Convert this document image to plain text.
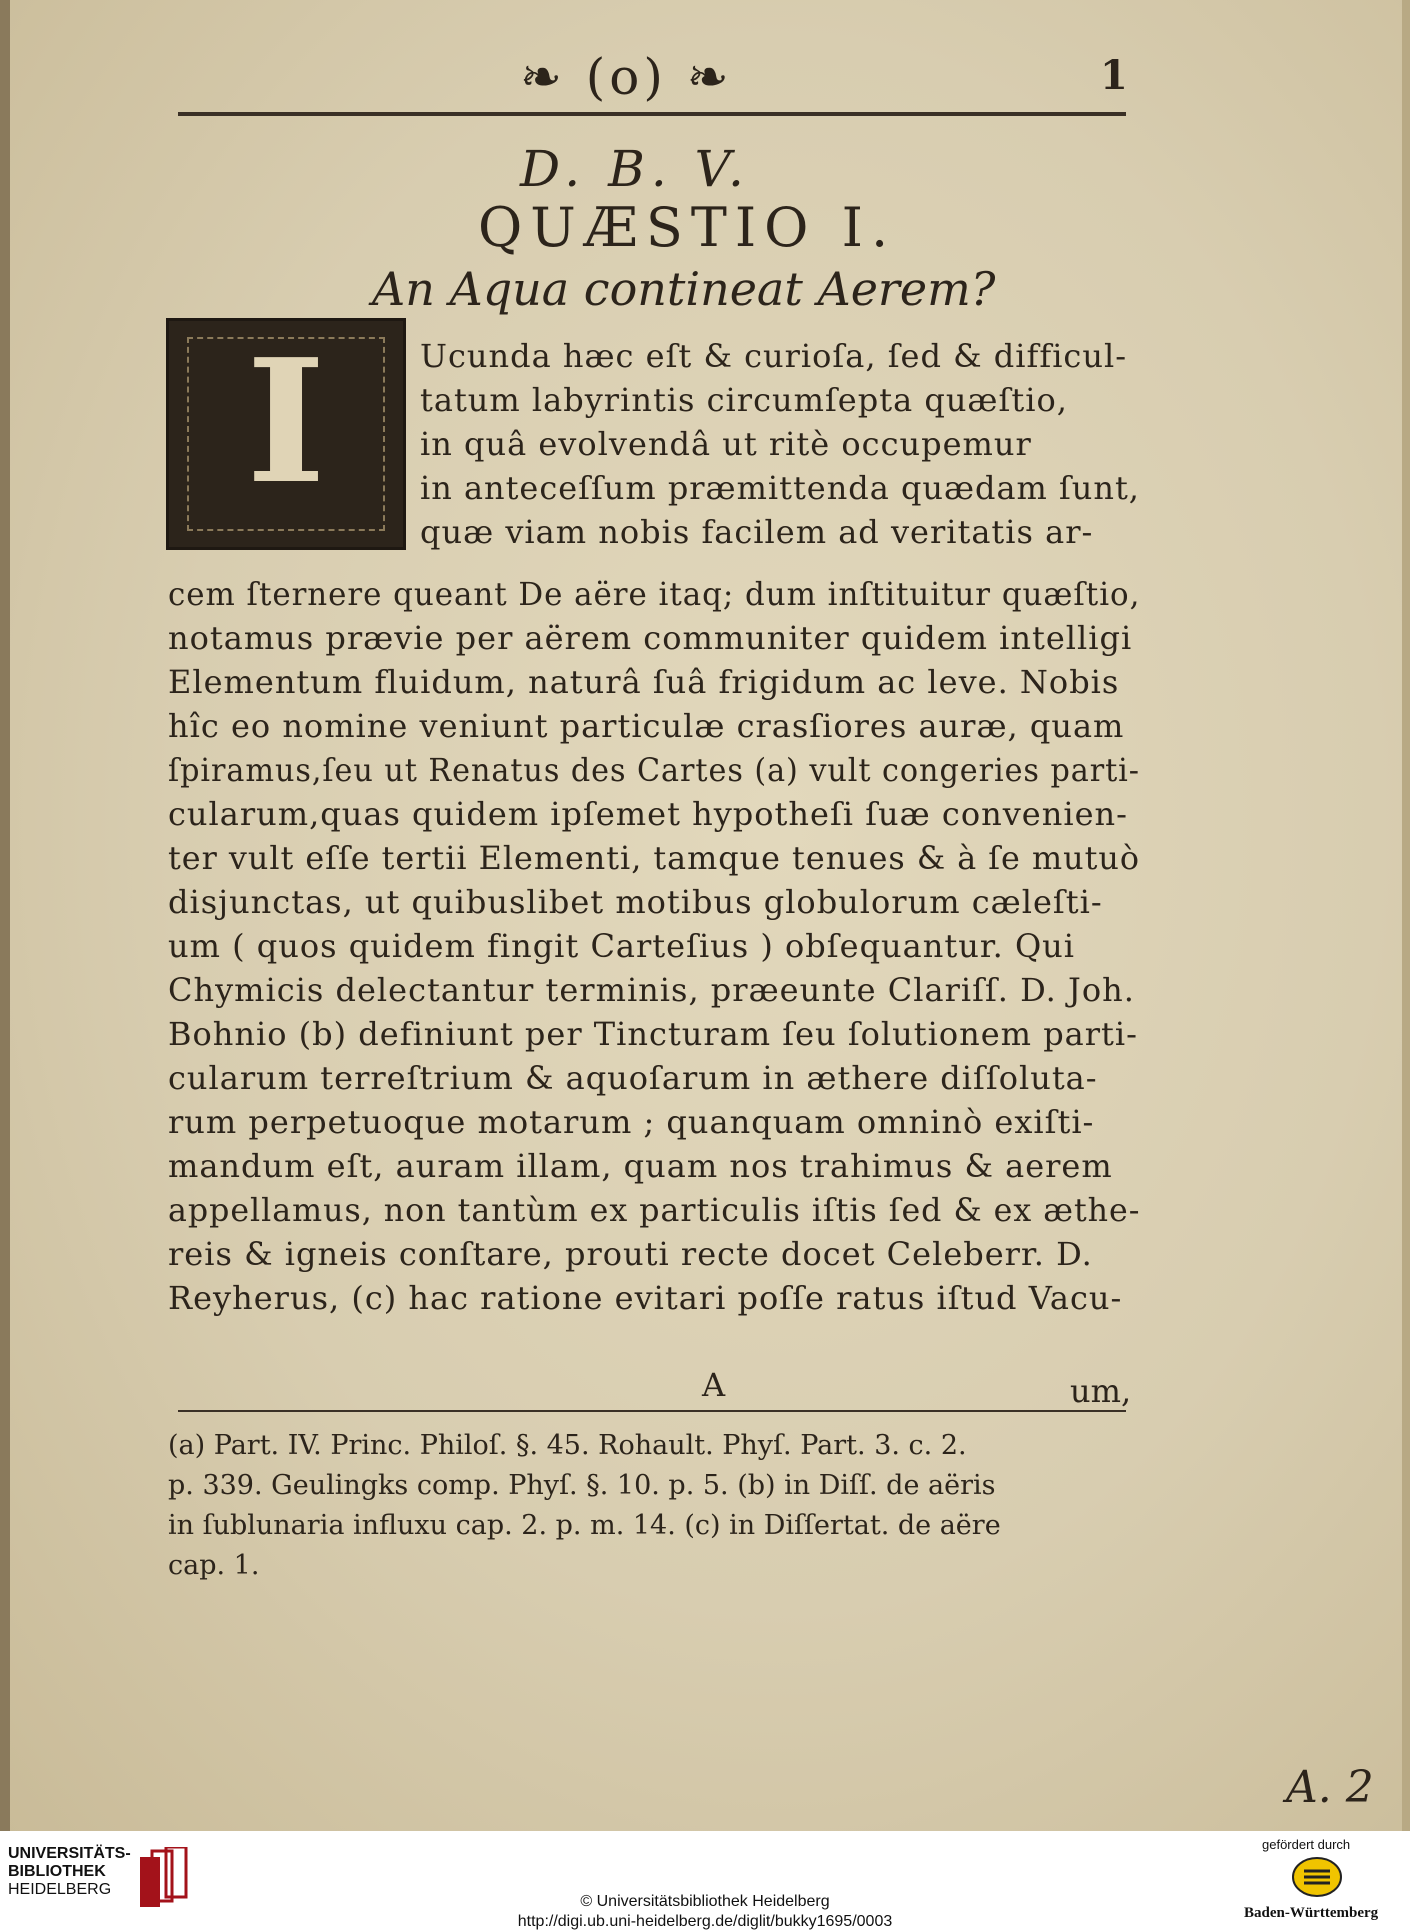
❧ (o) ❧	1
D. B. V.
QUÆSTIO I.
An Aqua contineat Aerem?
I	Ucunda hæc eſt & curioſa, ſed & difficul-
tatum labyrintis circumſepta quæſtio,
in quâ evolvendâ ut ritè occupemur
in anteceſſum præmittenda quædam ſunt,
quæ viam nobis facilem ad veritatis ar-
cem ſternere queant De aëre itaq; dum inſtituitur quæſtio,
notamus prævie per aërem communiter quidem intelligi
Elementum fluidum, naturâ ſuâ frigidum ac leve. Nobis
hîc eo nomine veniunt particulæ crasſiores auræ, quam
ſpiramus,ſeu ut Renatus des Cartes (a) vult congeries parti-
cularum,quas quidem ipſemet hypotheſi ſuæ convenien-
ter vult eſſe tertii Elementi, tamque tenues & à ſe mutuò
disjunctas, ut quibuslibet motibus globulorum cæleſti-
um ( quos quidem fingit Carteſius ) obſequantur. Qui
Chymicis delectantur terminis, præeunte Clariſſ. D. Joh.
Bohnio (b) definiunt per Tincturam ſeu ſolutionem parti-
cularum terreſtrium & aquoſarum in æthere diſſoluta-
rum perpetuoque motarum ; quanquam omninò exiſti-
mandum eſt, auram illam, quam nos trahimus & aerem
appellamus, non tantùm ex particulis iſtis ſed & ex æthe-
reis & igneis conſtare, prouti recte docet Celeberr. D.
Reyherus, (c) hac ratione evitari poſſe ratus iſtud Vacu-
A	um,
(a) Part. IV. Princ. Philoſ. §. 45. Rohault. Phyſ. Part. 3. c. 2.
p. 339. Geulingks comp. Phyſ. §. 10. p. 5. (b) in Diſſ. de aëris
in ſublunaria influxu cap. 2. p. m. 14. (c) in Diſſertat. de aëre
cap. 1.
A. 2
UNIVERSITÄTS-
BIBLIOTHEK
HEIDELBERG
© Universitätsbibliothek Heidelberg
http://digi.ub.uni-heidelberg.de/diglit/bukky1695/0003
gefördert durch
Baden-Württemberg
